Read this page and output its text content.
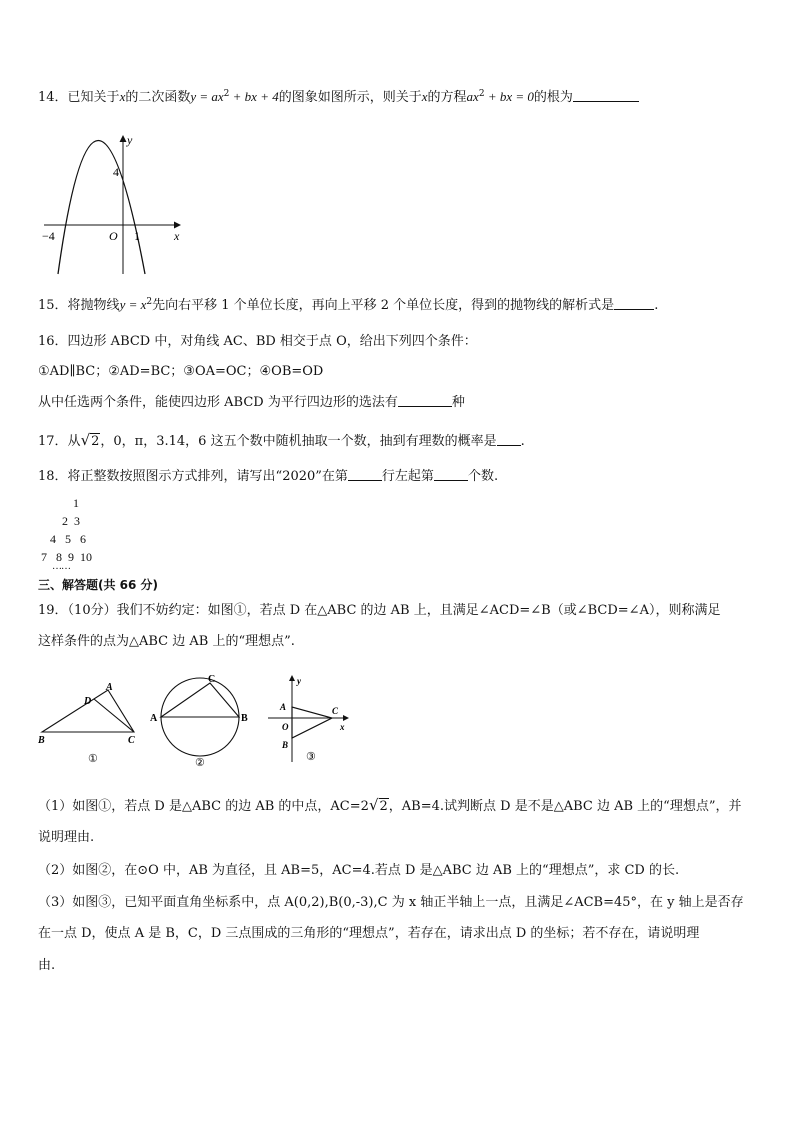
14．已知关于x的二次函数$y = ax^2$ + bx + 4的图象如图所示，则关于x的方程$ax^2$ + bx = 0的根为
y
x
4
−4	O 1
15．将抛物线$y = x^2$先向右平移 1 个单位长度，再向上平移 2 个单位长度，得到的抛物线的解析式是	.
16．四边形 ABCD 中，对角线 AC、BD 相交于点 O，给出下列四个条件：
①AD∥BC；②AD=BC；③OA=OC；④OB=OD
从中任选两个条件，能使四边形 ABCD 为平行四边形的选法有	种
17．从√2，0，π，3.14，6 这五个数中随机抽取一个数，抽到有理数的概率是 .
18．将正整数按照图示方式排列，请写出“2020”在第	行左起第	个数.
1
2  3
4   5   6
7   8  9  10
……
三、解答题(共 66 分)
19．（10分）我们不妨约定：如图①，若点 D 在△ABC 的边 AB 上，且满足∠ACD=∠B（或∠BCD=∠A），则称满足
这样条件的点为△ABC 边 AB 上的“理想点”.
A
D
B	C
①
C
A	B
②
y
A
O
C
x
B
③
（1）如图①，若点 D 是△ABC 的边 AB 的中点，AC=2√2，AB=4.试判断点 D 是不是△ABC 边 AB 上的“理想点”，并
说明理由.
（2）如图②，在⊙O 中，AB 为直径，且 AB=5，AC=4.若点 D 是△ABC 边 AB 上的“理想点”，求 CD 的长.
（3）如图③，已知平面直角坐标系中，点 A(0,2),B(0,-3),C 为 x 轴正半轴上一点，且满足∠ACB=45°，在 y 轴上是否存
在一点 D，使点 A 是 B，C，D 三点围成的三角形的“理想点”，若存在，请求出点 D 的坐标；若不存在，请说明理
由.
